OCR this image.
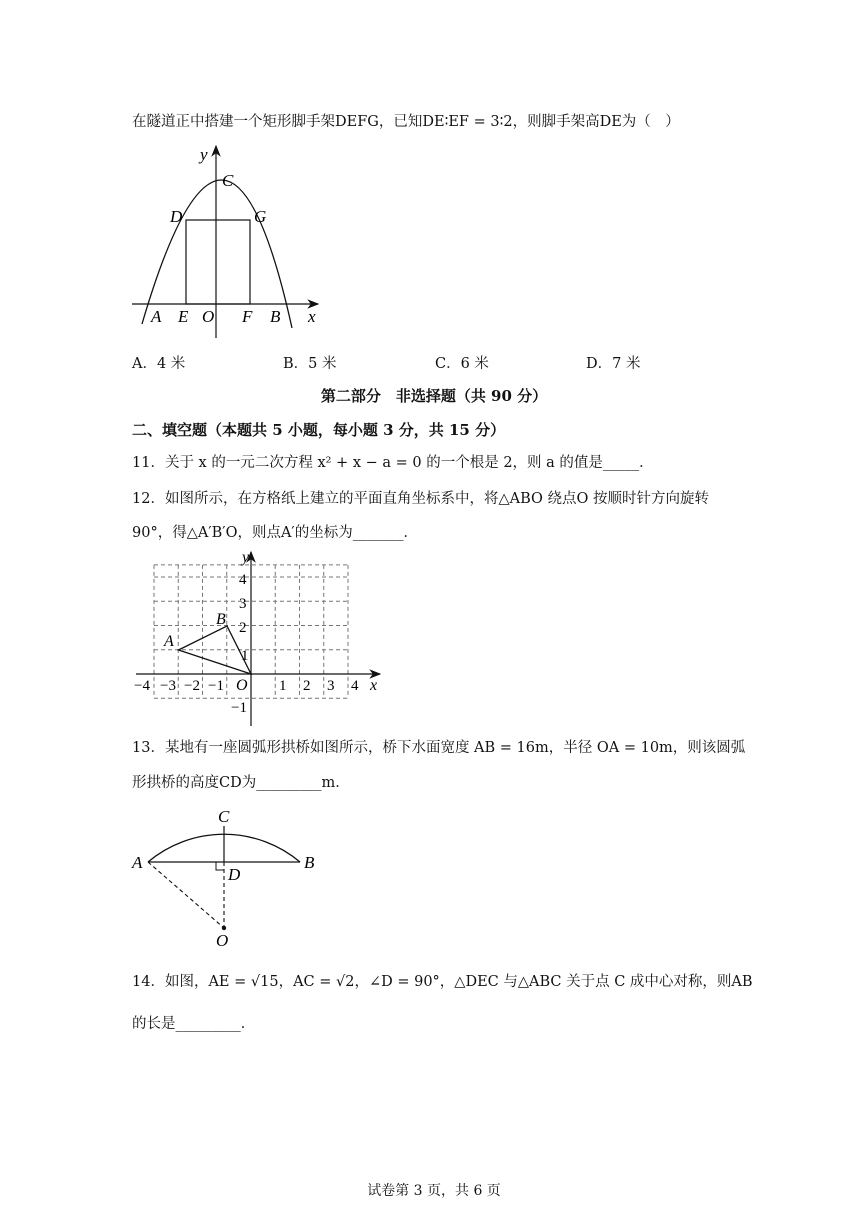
在隧道正中搭建一个矩形脚手架DEFG，已知DE∶EF = 3∶2，则脚手架高DE为（　）
y
C
D	G
A E O F B x
A．4 米	B．5 米	C．6 米	D．7 米
第二部分　非选择题（共 90 分）
二、填空题（本题共 5 小题，每小题 3 分，共 15 分）
11．关于 x 的一元二次方程 x² + x − a = 0 的一个根是 2，则 a 的值是_____．
12．如图所示，在方格纸上建立的平面直角坐标系中，将△ABO 绕点O 按顺时针方向旋转
90°，得△A′B′O，则点A′的坐标为_______．
y
x
A
B
O
−4 −3 −2 −1	1 2 3 4
4
3
2
1
−1
13．某地有一座圆弧形拱桥如图所示，桥下水面宽度 AB = 16m，半径 OA = 10m，则该圆弧
形拱桥的高度CD为_________m．
A	B
C
D
O
14．如图，AE = √15，AC = √2，∠D = 90°，△DEC 与△ABC 关于点 C 成中心对称，则AB
的长是_________．
试卷第 3 页，共 6 页
